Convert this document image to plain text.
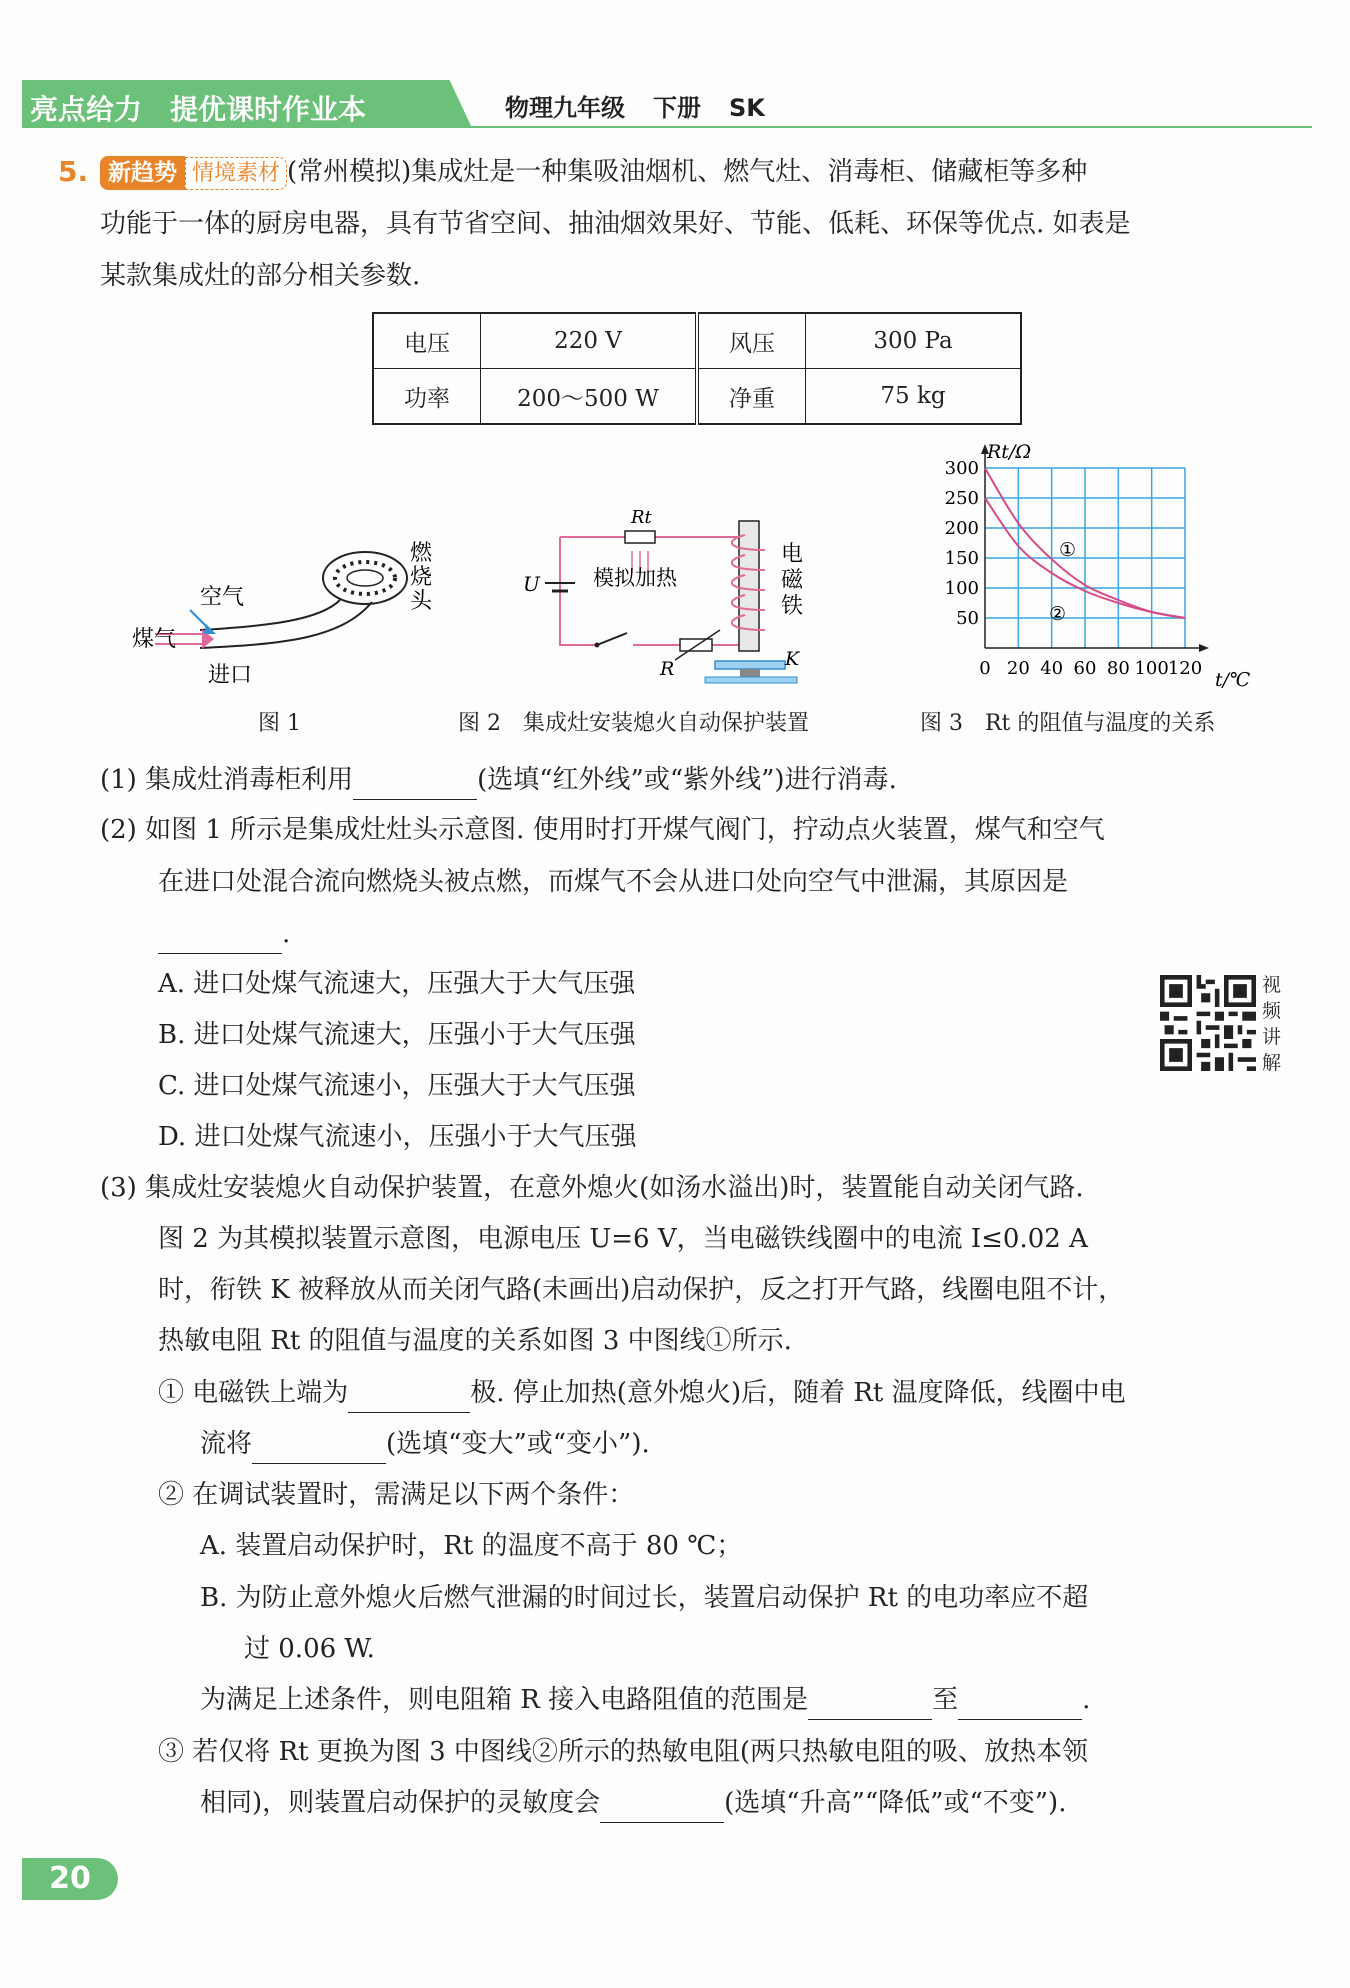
亮点给力 提优课时作业本	物理九年级 下册 SK
5. 新趋势 情境素材 (常州模拟)集成灶是一种集吸油烟机、燃气灶、消毒柜、储藏柜等多种
功能于一体的厨房电器，具有节省空间、抽油烟效果好、节能、低耗、环保等优点. 如表是
某款集成灶的部分相关参数.
电压	220 V	风压	300 Pa
功率	200～500 W	净重	75 kg
空气
煤气
进口
燃
烧
头
图 1
Rt
模拟加热
U
R	K
电
磁
铁
图 2　集成灶安装熄火自动保护装置
50
100
150
200
250
300
0 20 40 60 80 100
120
Rt/Ω
t/℃
①
②
图 3　Rt 的阻值与温度的关系
(1) 集成灶消毒柜利用	(选填“红外线”或“紫外线”)进行消毒.
(2) 如图 1 所示是集成灶灶头示意图. 使用时打开煤气阀门，拧动点火装置，煤气和空气
在进口处混合流向燃烧头被点燃，而煤气不会从进口处向空气中泄漏，其原因是
.
A. 进口处煤气流速大，压强大于大气压强
B. 进口处煤气流速大，压强小于大气压强
C. 进口处煤气流速小，压强大于大气压强
D. 进口处煤气流速小，压强小于大气压强
视
频
讲
解
(3) 集成灶安装熄火自动保护装置，在意外熄火(如汤水溢出)时，装置能自动关闭气路.
图 2 为其模拟装置示意图，电源电压 U=6 V，当电磁铁线圈中的电流 I≤0.02 A
时，衔铁 K 被释放从而关闭气路(未画出)启动保护，反之打开气路，线圈电阻不计，
热敏电阻 Rt 的阻值与温度的关系如图 3 中图线①所示.
① 电磁铁上端为	极. 停止加热(意外熄火)后，随着 Rt 温度降低，线圈中电
流将	(选填“变大”或“变小”).
② 在调试装置时，需满足以下两个条件：
A. 装置启动保护时，Rt 的温度不高于 80 ℃；
B. 为防止意外熄火后燃气泄漏的时间过长，装置启动保护 Rt 的电功率应不超
过 0.06 W.
为满足上述条件，则电阻箱 R 接入电路阻值的范围是	至	.
③ 若仅将 Rt 更换为图 3 中图线②所示的热敏电阻(两只热敏电阻的吸、放热本领
相同)，则装置启动保护的灵敏度会	(选填“升高”“降低”或“不变”).
20
